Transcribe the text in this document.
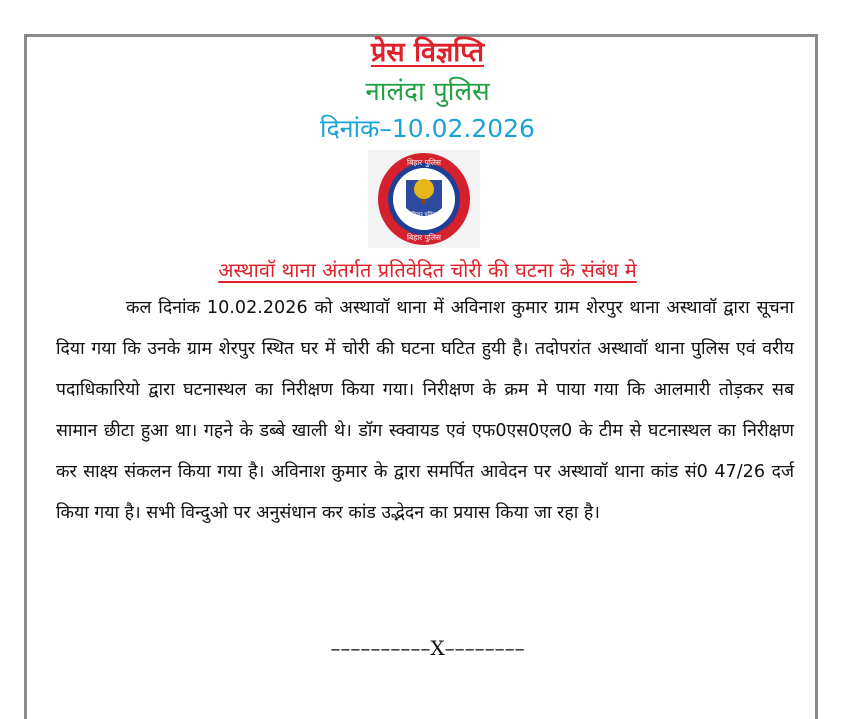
प्रेस विज्ञप्ति
नालंदा पुलिस
दिनांक–10.02.2026
बिहार पुलिस
बिहार पुलिस
बिहार पुलिस
अस्थावॉ थाना अंतर्गत प्रतिवेदित चोरी की घटना के संबंध मे

कल दिनांक 10.02.2026 को अस्थावॉ थाना में अविनाश कुमार ग्राम शेरपुर थाना अस्थावॉ द्वारा सूचना दिया गया कि उनके ग्राम शेरपुर स्थित घर में चोरी की घटना घटित हुयी है। तदोपरांत अस्थावॉ थाना पुलिस एवं वरीय पदाधिकारियो द्वारा घटनास्थल का निरीक्षण किया गया। निरीक्षण के क्रम मे पाया गया कि आलमारी तोड़कर सब सामान छीटा हुआ था। गहने के डब्बे खाली थे। डॉग स्क्वायड एवं एफ0एस0एल0 के टीम से घटनास्थल का निरीक्षण कर साक्ष्य संकलन किया गया है। अविनाश कुमार के द्वारा समर्पित आवेदन पर अस्थावॉ थाना कांड सं0 47/26 दर्ज किया गया है। सभी विन्दुओ पर अनुसंधान कर कांड उद्भेदन का प्रयास किया जा रहा है।

––––––––––X––––––––
